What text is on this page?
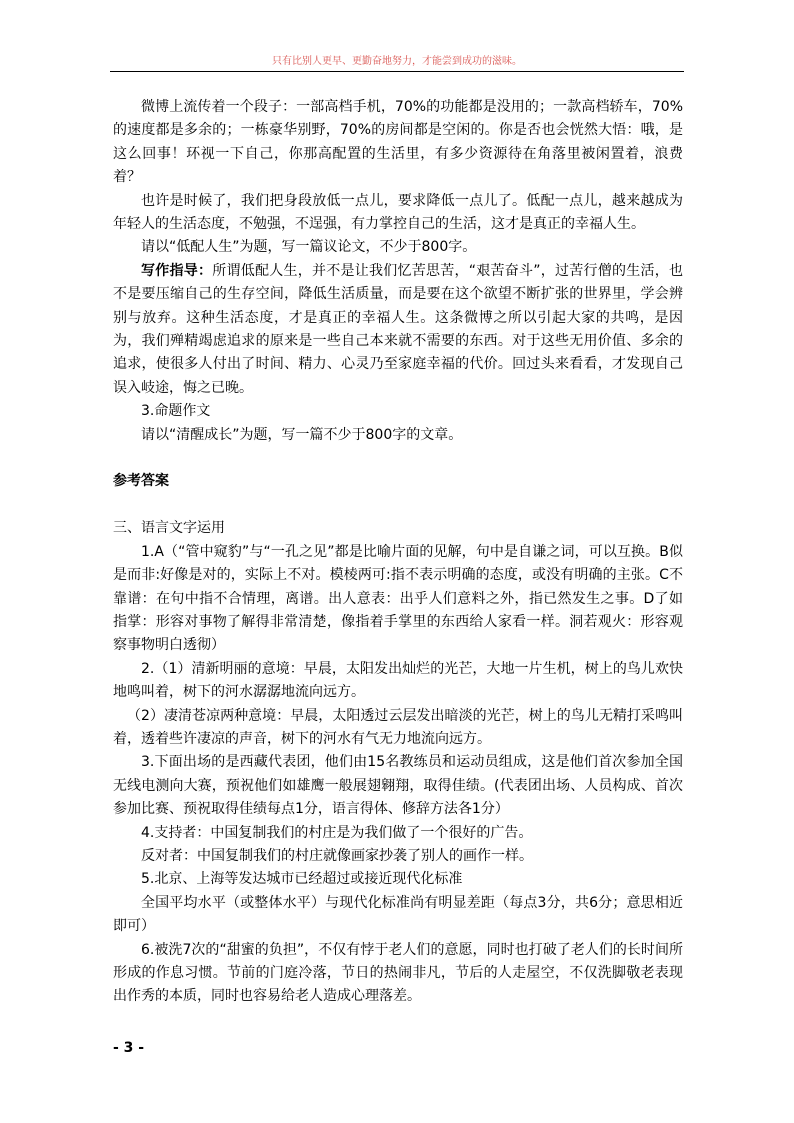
只有比别人更早、更勤奋地努力，才能尝到成功的滋味。

微博上流传着一个段子：一部高档手机，70%的功能都是没用的；一款高档轿车，70%的速度都是多余的；一栋豪华别野，70%的房间都是空闲的。你是否也会恍然大悟：哦，是这么回事！环视一下自己，你那高配置的生活里，有多少资源待在角落里被闲置着，浪费着？

也许是时候了，我们把身段放低一点儿，要求降低一点儿了。低配一点儿，越来越成为年轻人的生活态度，不勉强，不逞强，有力掌控自己的生活，这才是真正的幸福人生。

请以“低配人生”为题，写一篇议论文，不少于800字。

写作指导：所谓低配人生，并不是让我们忆苦思苦，“艰苦奋斗”，过苦行僧的生活，也不是要压缩自己的生存空间，降低生活质量，而是要在这个欲望不断扩张的世界里，学会辨别与放弃。这种生活态度，才是真正的幸福人生。这条微博之所以引起大家的共鸣，是因为，我们殚精竭虑追求的原来是一些自己本来就不需要的东西。对于这些无用价值、多余的追求，使很多人付出了时间、精力、心灵乃至家庭幸福的代价。回过头来看看，才发现自己误入岐途，悔之已晚。

3.命题作文

请以“清醒成长”为题，写一篇不少于800字的文章。

参考答案

三、语言文字运用

1.A（“管中窥豹”与“一孔之见”都是比喻片面的见解，句中是自谦之词，可以互换。B似是而非:好像是对的，实际上不对。模棱两可:指不表示明确的态度，或没有明确的主张。C不靠谱：在句中指不合情理，离谱。出人意表：出乎人们意料之外，指已然发生之事。D了如指掌：形容对事物了解得非常清楚，像指着手掌里的东西给人家看一样。洞若观火：形容观察事物明白透彻）

2.（1）清新明丽的意境：早晨，太阳发出灿烂的光芒，大地一片生机，树上的鸟儿欢快地鸣叫着，树下的河水潺潺地流向远方。

（2）凄清苍凉两种意境：早晨，太阳透过云层发出暗淡的光芒，树上的鸟儿无精打采鸣叫着，透着些许凄凉的声音，树下的河水有气无力地流向远方。

3.下面出场的是西藏代表团，他们由15名教练员和运动员组成，这是他们首次参加全国无线电测向大赛，预祝他们如雄鹰一般展翅翱翔，取得佳绩。(代表团出场、人员构成、首次参加比赛、预祝取得佳绩每点1分，语言得体、修辞方法各1分）

4.支持者：中国复制我们的村庄是为我们做了一个很好的广告。

反对者：中国复制我们的村庄就像画家抄袭了别人的画作一样。

5.北京、上海等发达城市已经超过或接近现代化标准

全国平均水平（或整体水平）与现代化标准尚有明显差距（每点3分，共6分；意思相近即可）

6.被洗7次的“甜蜜的负担”，不仅有悖于老人们的意愿，同时也打破了老人们的长时间所形成的作息习惯。节前的门庭冷落，节日的热闹非凡，节后的人走屋空，不仅洗脚敬老表现出作秀的本质，同时也容易给老人造成心理落差。

- 3 -
